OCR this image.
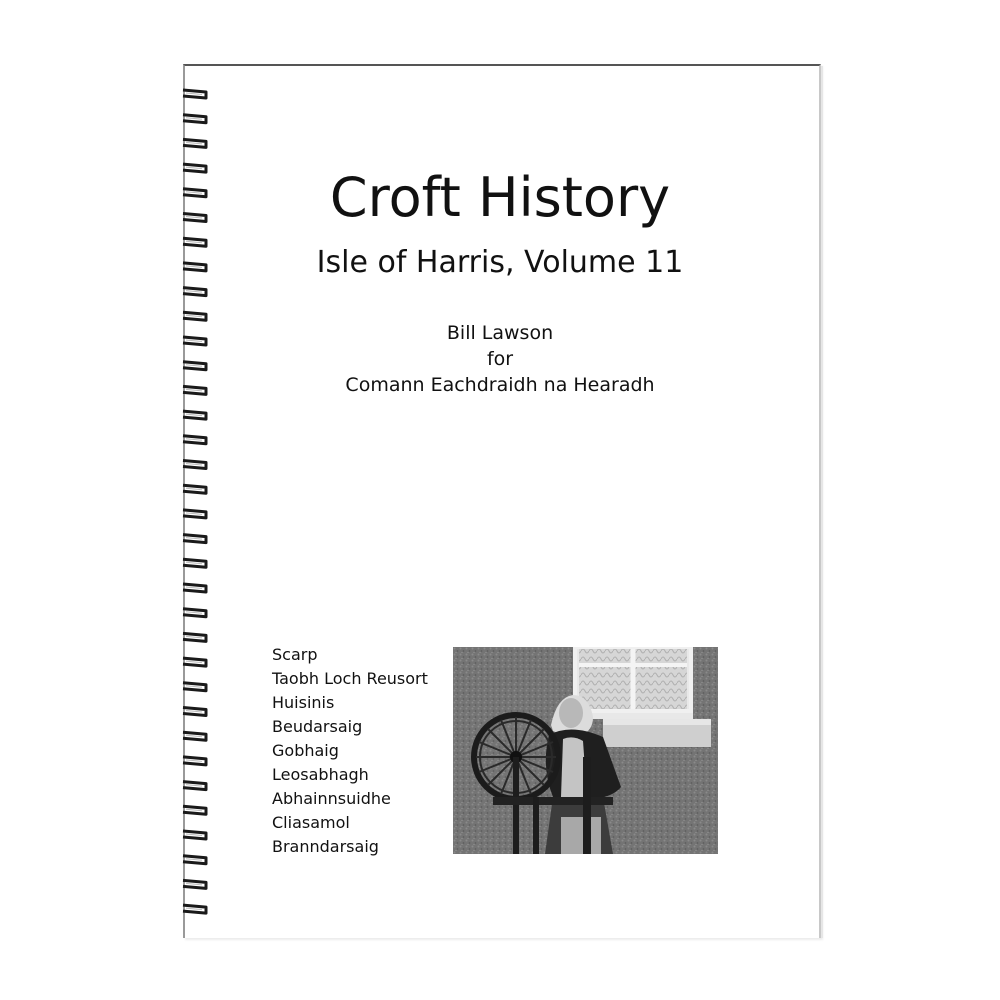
Croft History
Isle of Harris, Volume 11
Bill Lawson
for
Comann Eachdraidh na Hearadh
Scarp
Taobh Loch Reusort
Huisinis
Beudarsaig
Gobhaig
Leosabhagh
Abhainnsuidhe
Cliasamol
Branndarsaig
